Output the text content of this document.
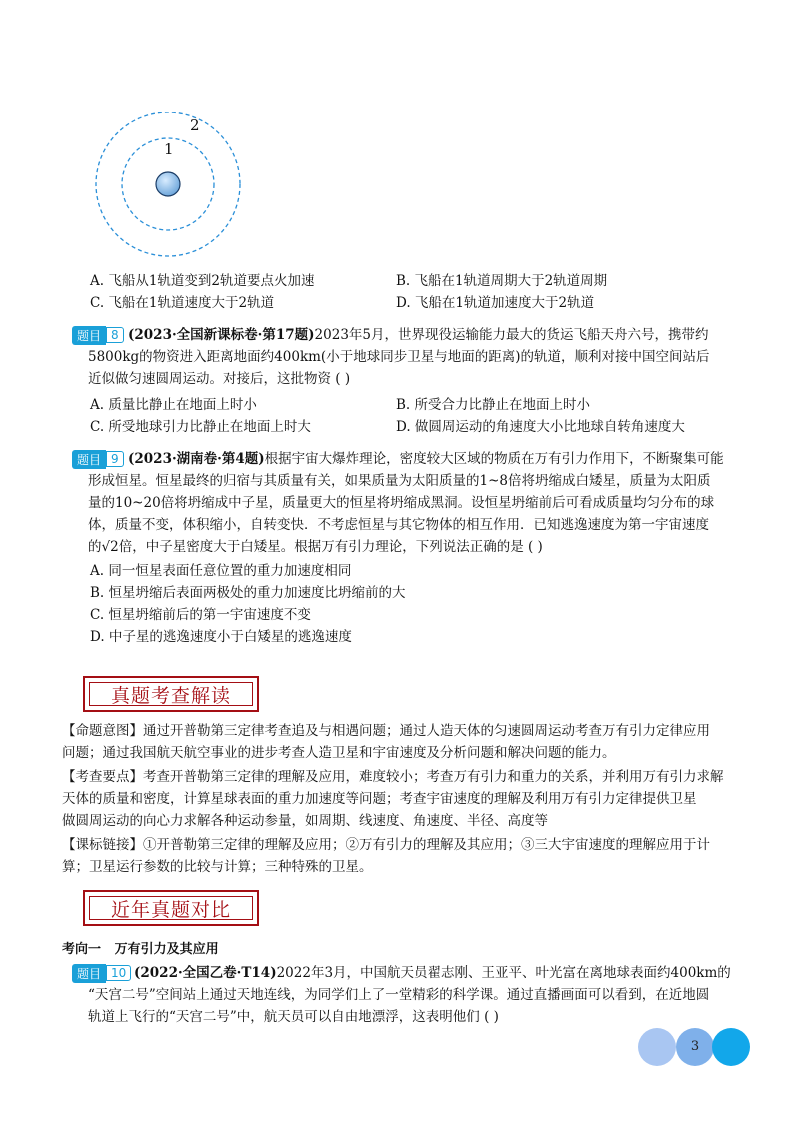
1
2
A. 飞船从1轨道变到2轨道要点火加速	B. 飞船在1轨道周期大于2轨道周期
C. 飞船在1轨道速度大于2轨道	D. 飞船在1轨道加速度大于2轨道
题目 8 (2023·全国新课标卷·第17题)2023年5月，世界现役运输能力最大的货运飞船天舟六号，携带约
5800kg的物资进入距离地面约400km(小于地球同步卫星与地面的距离)的轨道，顺利对接中国空间站后
近似做匀速圆周运动。对接后，这批物资 ( )
A. 质量比静止在地面上时小	B. 所受合力比静止在地面上时小
C. 所受地球引力比静止在地面上时大	D. 做圆周运动的角速度大小比地球自转角速度大
题目 9 (2023·湖南卷·第4题)根据宇宙大爆炸理论，密度较大区域的物质在万有引力作用下，不断聚集可能
形成恒星。恒星最终的归宿与其质量有关，如果质量为太阳质量的1~8倍将坍缩成白矮星，质量为太阳质
量的10~20倍将坍缩成中子星，质量更大的恒星将坍缩成黑洞。设恒星坍缩前后可看成质量均匀分布的球
体，质量不变，体积缩小，自转变快．不考虑恒星与其它物体的相互作用．已知逃逸速度为第一宇宙速度
的√2倍，中子星密度大于白矮星。根据万有引力理论，下列说法正确的是 ( )
A. 同一恒星表面任意位置的重力加速度相同
B. 恒星坍缩后表面两极处的重力加速度比坍缩前的大
C. 恒星坍缩前后的第一宇宙速度不变
D. 中子星的逃逸速度小于白矮星的逃逸速度
真题考查解读
【命题意图】通过开普勒第三定律考查追及与相遇问题；通过人造天体的匀速圆周运动考查万有引力定律应用
问题；通过我国航天航空事业的进步考查人造卫星和宇宙速度及分析问题和解决问题的能力。
【考查要点】考查开普勒第三定律的理解及应用，难度较小；考查万有引力和重力的关系，并利用万有引力求解
天体的质量和密度，计算星球表面的重力加速度等问题；考查宇宙速度的理解及利用万有引力定律提供卫星
做圆周运动的向心力求解各种运动参量，如周期、线速度、角速度、半径、高度等
【课标链接】①开普勒第三定律的理解及应用；②万有引力的理解及其应用；③三大宇宙速度的理解应用于计
算；卫星运行参数的比较与计算；三种特殊的卫星。
近年真题对比
考向一   万有引力及其应用
题目 10 (2022·全国乙卷·T14)2022年3月，中国航天员翟志刚、王亚平、叶光富在离地球表面约400km的
“天宫二号”空间站上通过天地连线，为同学们上了一堂精彩的科学课。通过直播画面可以看到，在近地圆
轨道上飞行的“天宫二号”中，航天员可以自由地漂浮，这表明他们 ( )
3
